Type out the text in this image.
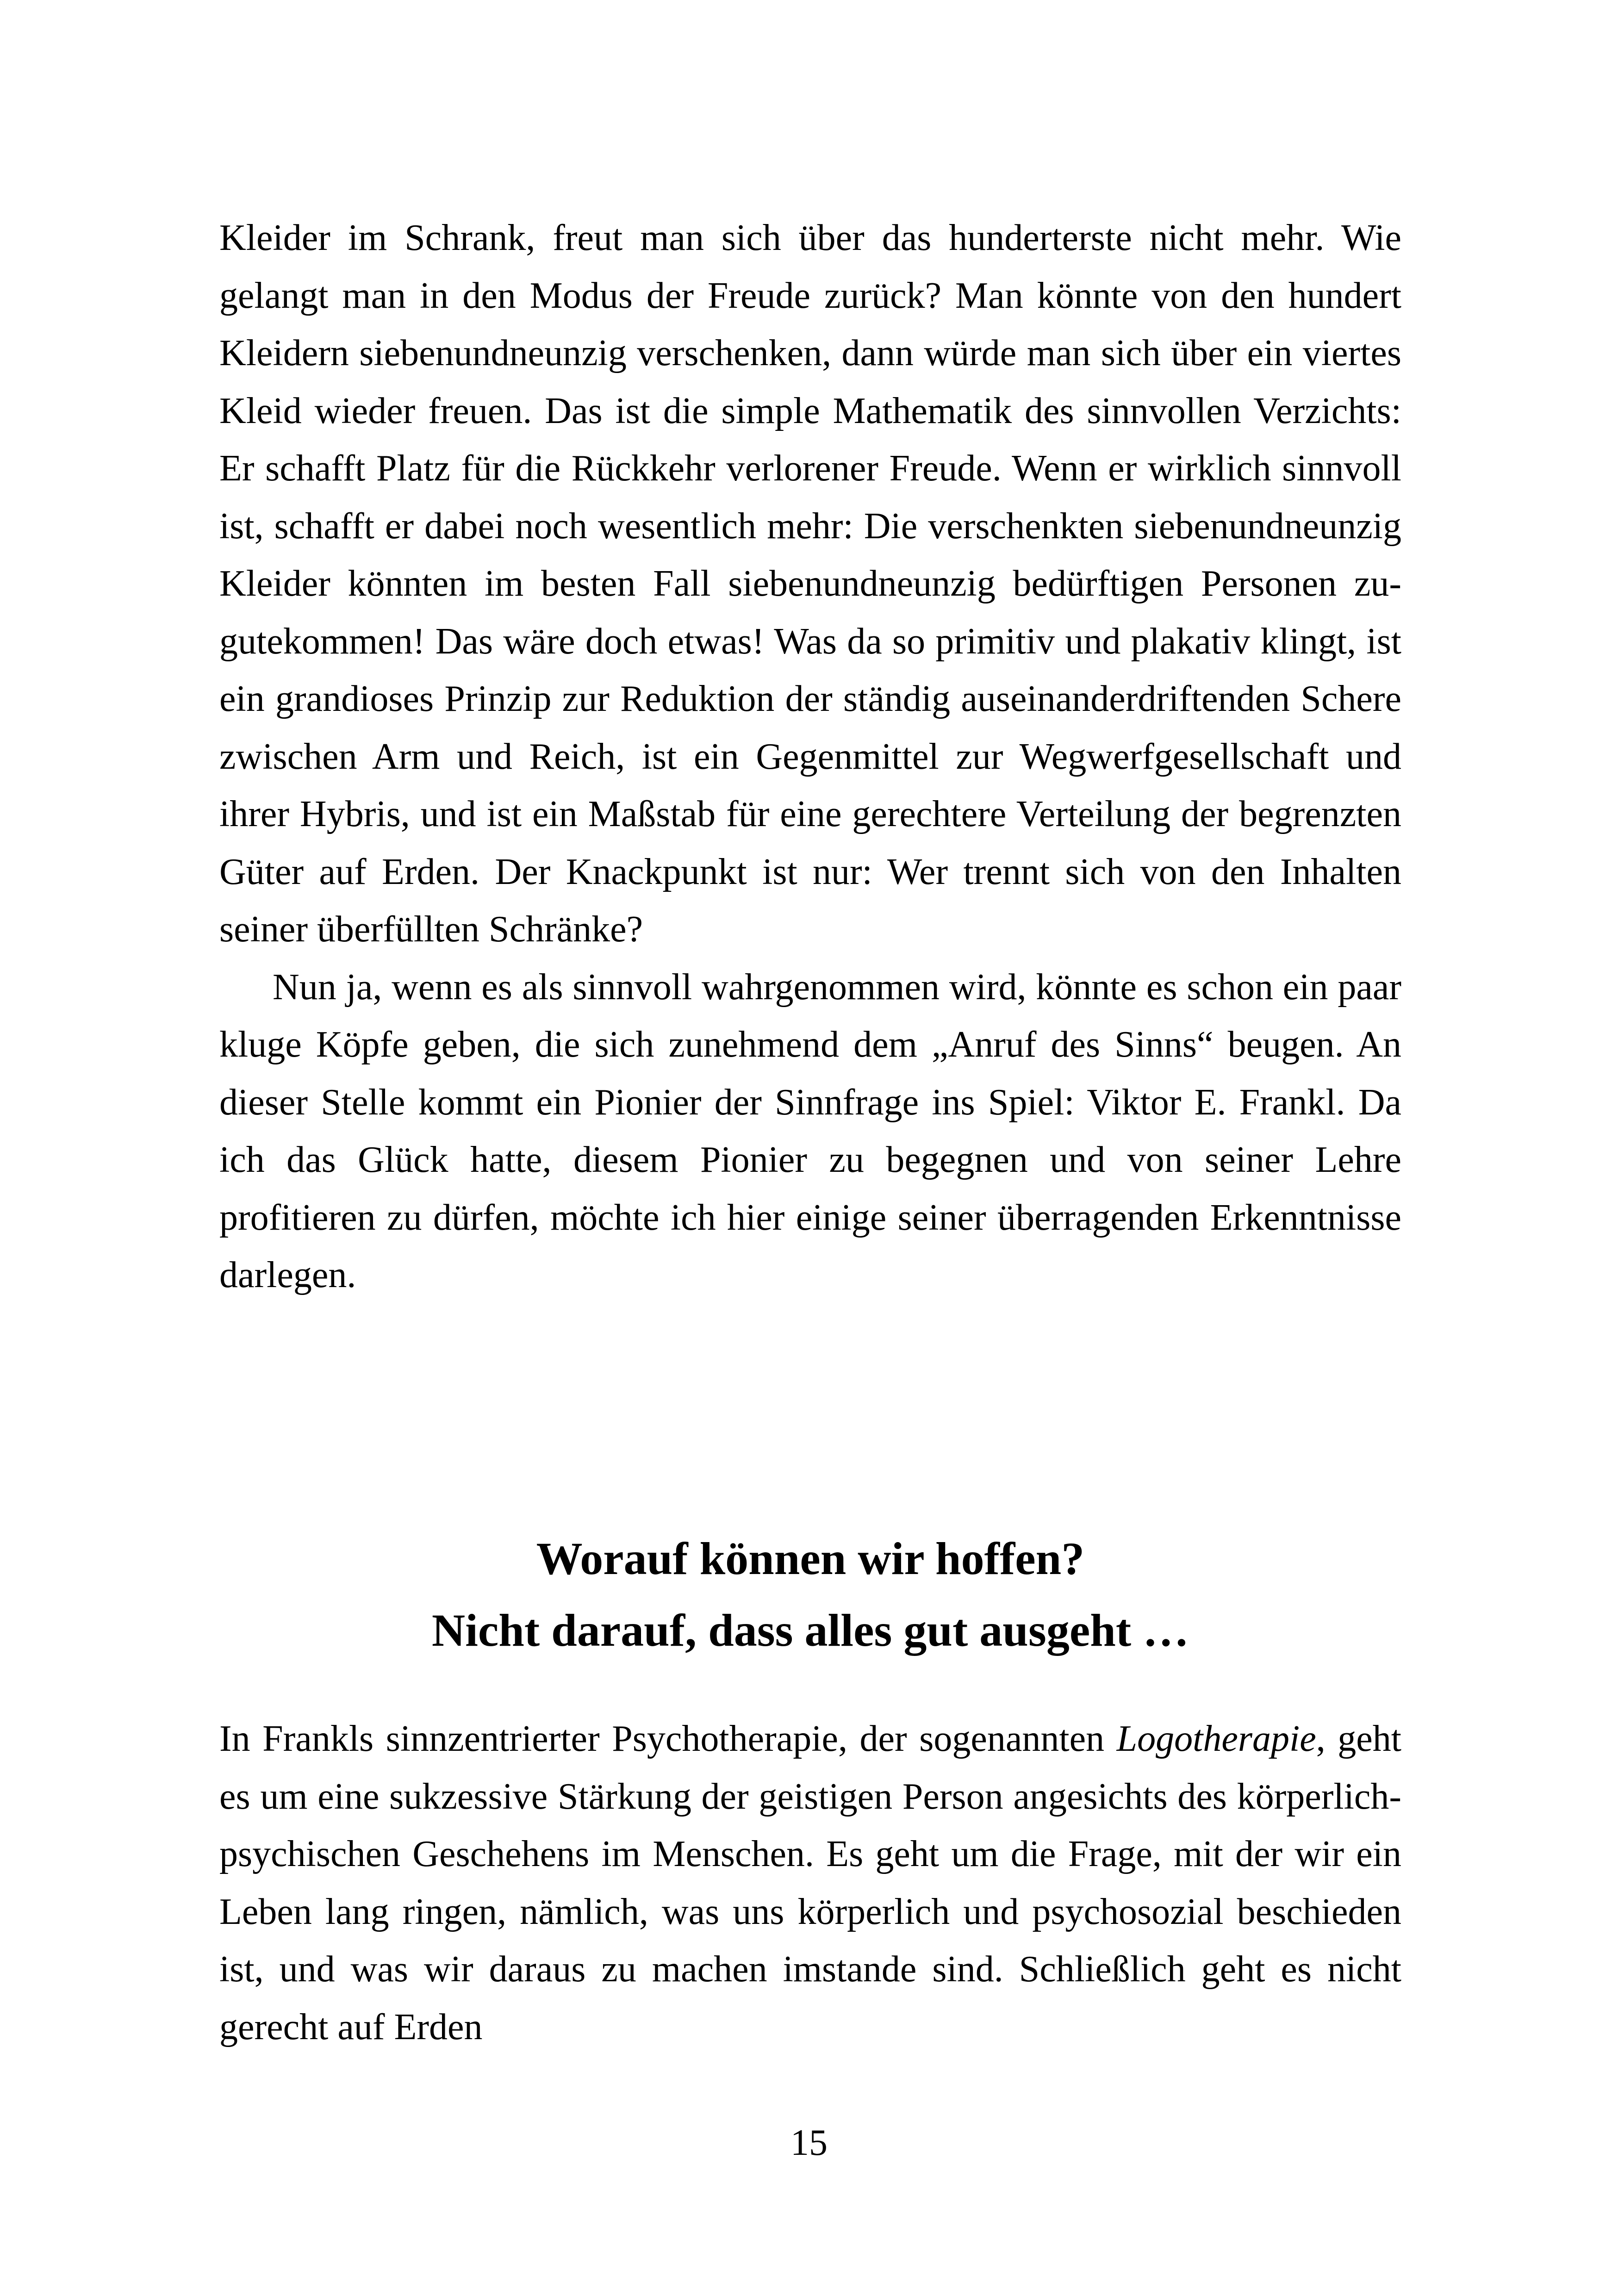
Kleider im Schrank, freut man sich über das hunderterste nicht mehr. Wie gelangt man in den Modus der Freude zurück? Man könnte von den hundert Kleidern siebenundneunzig verschenken, dann würde man sich über ein viertes Kleid wieder freuen. Das ist die simple Mathematik des sinnvollen Verzichts: Er schafft Platz für die Rückkehr verlorener Freude. Wenn er wirklich sinnvoll ist, schafft er dabei noch wesentlich mehr: Die verschenkten siebenundneunzig Kleider könnten im besten Fall siebenundneunzig bedürftigen Personen zugutekommen! Das wäre doch etwas! Was da so primitiv und plakativ klingt, ist ein grandioses Prinzip zur Reduktion der ständig auseinanderdriftenden Schere zwischen Arm und Reich, ist ein Gegenmittel zur Wegwerfgesellschaft und ihrer Hybris, und ist ein Maßstab für eine gerechtere Verteilung der begrenzten Güter auf Erden. Der Knackpunkt ist nur: Wer trennt sich von den Inhalten seiner überfüllten Schränke?

Nun ja, wenn es als sinnvoll wahrgenommen wird, könnte es schon ein paar kluge Köpfe geben, die sich zunehmend dem „Anruf des Sinns“ beugen. An dieser Stelle kommt ein Pionier der Sinnfrage ins Spiel: Viktor E. Frankl. Da ich das Glück hatte, diesem Pionier zu begegnen und von seiner Lehre profitieren zu dürfen, möchte ich hier einige seiner überragenden Erkenntnisse darlegen.

Worauf können wir hoffen?
Nicht darauf, dass alles gut ausgeht …

In Frankls sinnzentrierter Psychotherapie, der sogenannten Logotherapie, geht es um eine sukzessive Stärkung der geistigen Person angesichts des körperlich-psychischen Geschehens im Menschen. Es geht um die Frage, mit der wir ein Leben lang ringen, nämlich, was uns körperlich und psychosozial beschieden ist, und was wir daraus zu machen imstande sind. Schließlich geht es nicht gerecht auf Erden

15
